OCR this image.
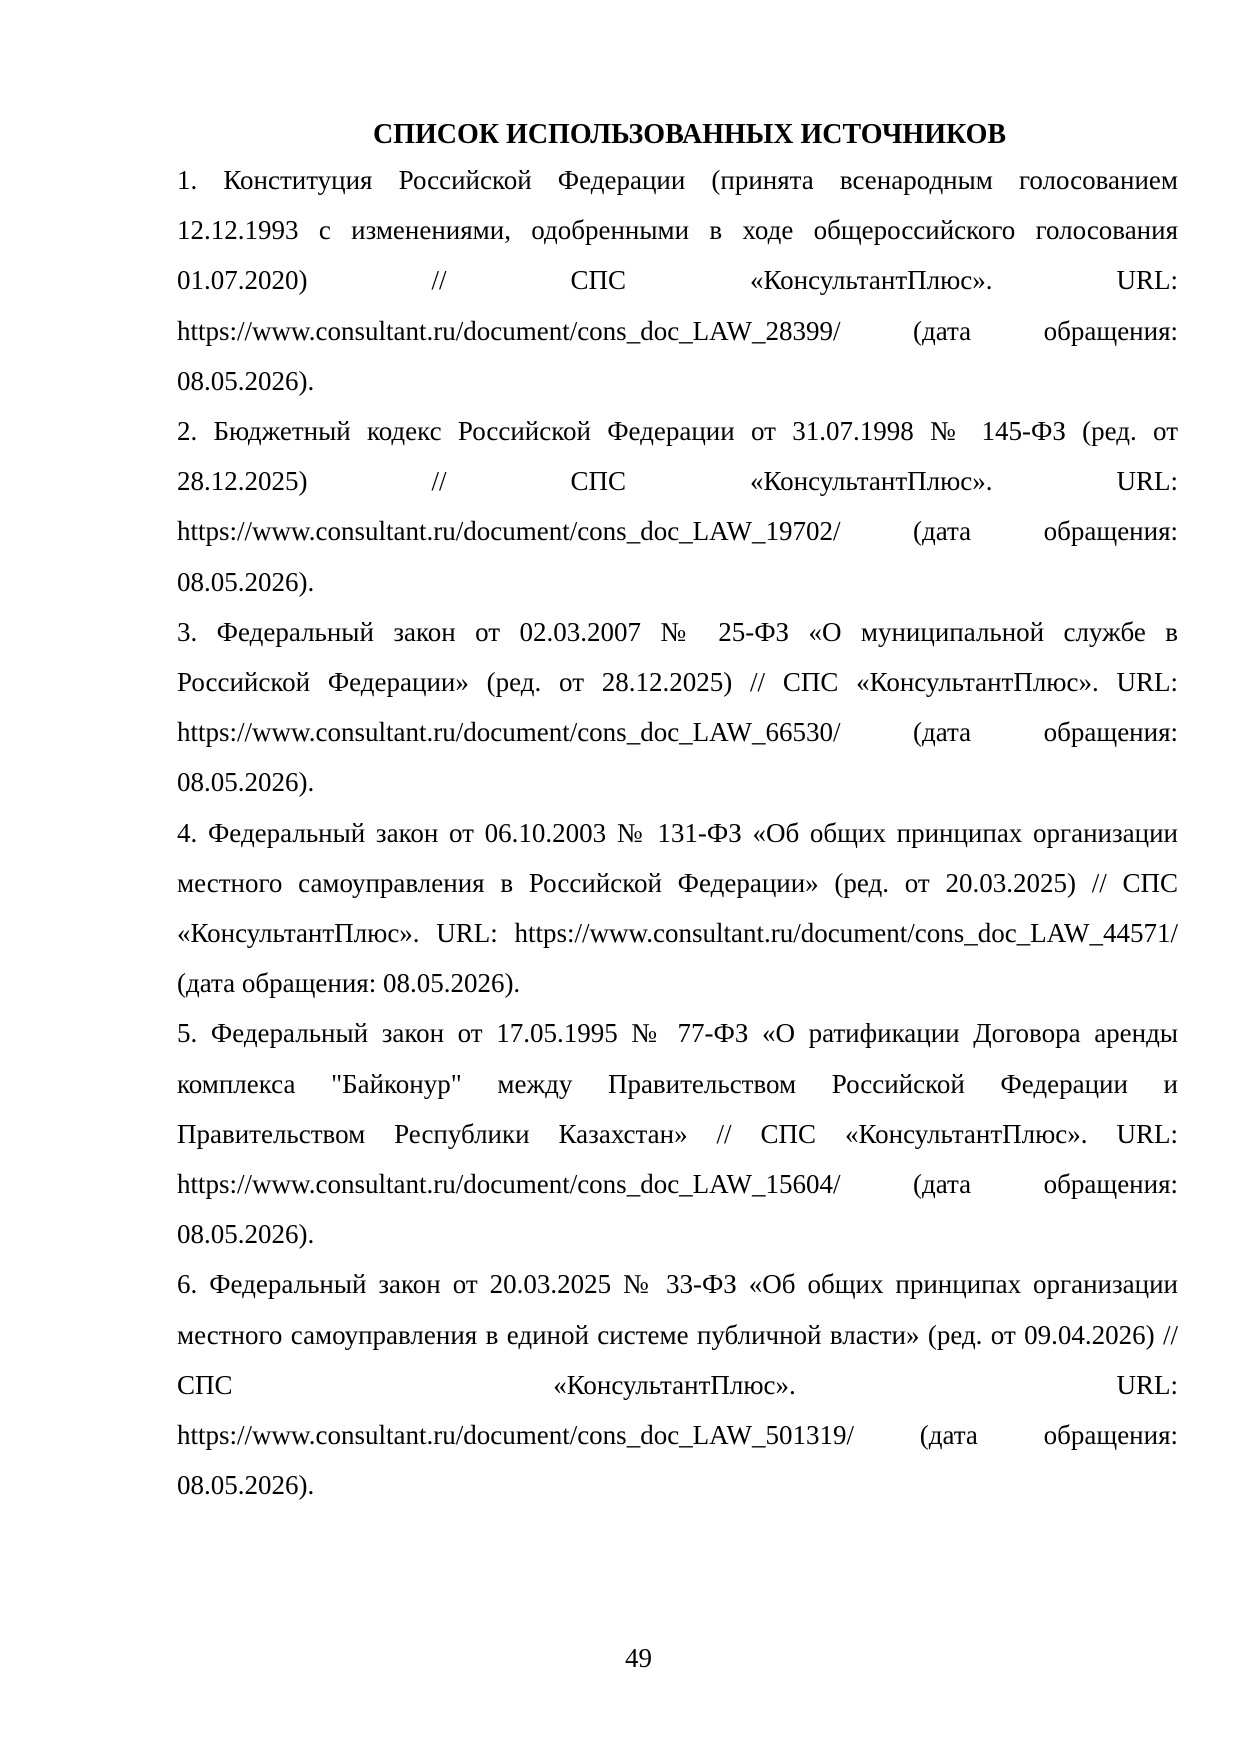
СПИСОК ИСПОЛЬЗОВАННЫХ ИСТОЧНИКОВ
1. Конституция Российской Федерации (принята всенародным голосованием 12.12.1993 с изменениями, одобренными в ходе общероссийского голосования 01.07.2020) // СПС «КонсультантПлюс». URL: https://www.consultant.ru/document/cons_doc_LAW_28399/ (дата обращения: 08.05.2026).
2. Бюджетный кодекс Российской Федерации от 31.07.1998 № 145-ФЗ (ред. от 28.12.2025) // СПС «КонсультантПлюс». URL: https://www.consultant.ru/document/cons_doc_LAW_19702/ (дата обращения: 08.05.2026).
3. Федеральный закон от 02.03.2007 № 25-ФЗ «О муниципальной службе в Российской Федерации» (ред. от 28.12.2025) // СПС «КонсультантПлюс». URL: https://www.consultant.ru/document/cons_doc_LAW_66530/ (дата обращения: 08.05.2026).
4. Федеральный закон от 06.10.2003 № 131-ФЗ «Об общих принципах организации местного самоуправления в Российской Федерации» (ред. от 20.03.2025) // СПС «КонсультантПлюс». URL: https://www.consultant.ru/document/cons_doc_LAW_44571/ (дата обращения: 08.05.2026).
5. Федеральный закон от 17.05.1995 № 77-ФЗ «О ратификации Договора аренды комплекса "Байконур" между Правительством Российской Федерации и Правительством Республики Казахстан» // СПС «КонсультантПлюс». URL: https://www.consultant.ru/document/cons_doc_LAW_15604/ (дата обращения: 08.05.2026).
6. Федеральный закон от 20.03.2025 № 33-ФЗ «Об общих принципах организации местного самоуправления в единой системе публичной власти» (ред. от 09.04.2026) // СПС «КонсультантПлюс». URL: https://www.consultant.ru/document/cons_doc_LAW_501319/ (дата обращения: 08.05.2026).
49
